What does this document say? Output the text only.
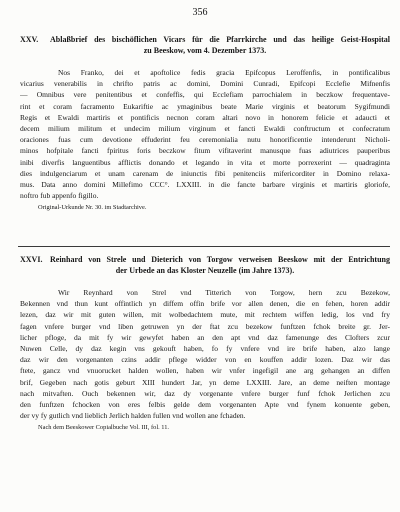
356
XXV.	Ablaßbrief des bischöflichen Vicars für die Pfarrkirche und das heilige Geist-Hospital
zu Beeskow, vom 4. Dezember 1373.
Nos Franko, dei et apoftolice fedis gracia Epifcopus Leroffenfis, in pontificalibus
vicarius venerabilis in chrifto patris ac domini, Domini Cunradi, Epifcopi Ecclefie Mifnenfis
— Omnibus vere penitentibus et confeffis, qui Ecclefiam parrochialem in beczkow frequentave-
rint et coram facramento Eukariftie ac ymaginibus beate Marie virginis et beatorum Sygifmundi
Regis et Ewaldi martiris et pontificis necnon coram altari novo in honorem felicie et adaucti et
decem milium militum et undecim milium virginum et fancti Ewaldi conftructum et confecratum
oraciones fuas cum devotione effuderint feu ceremonialia nutu honorificentie intenderunt Nicholi-
minos hofpitale fancti fpiritus foris beczkow fitum vifitaverint manusque fuas adiutrices pauperibus
inibi diverfis languentibus afflictis donando et legando in vita et morte porrexerint — quadraginta
dies indulgenciarum et unam carenam de iniunctis fibi penitenciis mifericorditer in Domino relaxa-
mus. Data anno domini Millefimo CCC°. LXXIII. in die fancte barbare virginis et martiris gloriofe,
noftro fub appenfo figillo.
Original-Urkunde Nr. 30. im Stadtarchive.
XXVI. Reinhard von Strele und Dieterich von Torgow verweisen Beeskow mit der Entrichtung
der Urbede an das Kloster Neuzelle (im Jahre 1373).
Wir Reynhard von Strel vnd Titterich von Torgow, hern zcu Bezekow,
Bekennen vnd thun kunt offintlich yn diffem offin brife vor allen denen, die en fehen, horen addir
lezen, daz wir mit guten willen, mit wolbedachtem mute, mit rechtem wiffen ledig, los vnd fry
fagen vnfere burger vnd liben getruwen yn der ftat zcu bezekow funftzen fchok breite gr. Jer-
licher pfloge, da mit fy wir gewyfet haben an den apt vnd daz famenunge des Clofters zcur
Nuwen Celle, dy daz kegin vns gekouft haben, fo fy vnfere vnd ire brife haben, alzo lange
daz wir den vorgenanten czins addir pflege widder von en kouffen addir lozen. Daz wir das
ftete, gancz vnd vnuorucket halden wollen, haben wir vnfer ingefigil ane arg gehangen an diffen
brif, Gegeben nach gotis geburt XIII hundert Jar, yn deme LXXIII. Jare, an deme neiften montage
nach mitvaften. Ouch bekennen wir, daz dy vorgenante vnfere burger funf fchok Jerlichen zcu
den funftzen fchocken von eres felbis gelde dem vorgenanten Apte vnd fynem konuente geben,
der vy fy gutlich vnd lieblich Jerlich halden fullen vnd wollen ane fchaden.
Nach dem Beeskower Copialbuche Vol. III, fol. 11.
